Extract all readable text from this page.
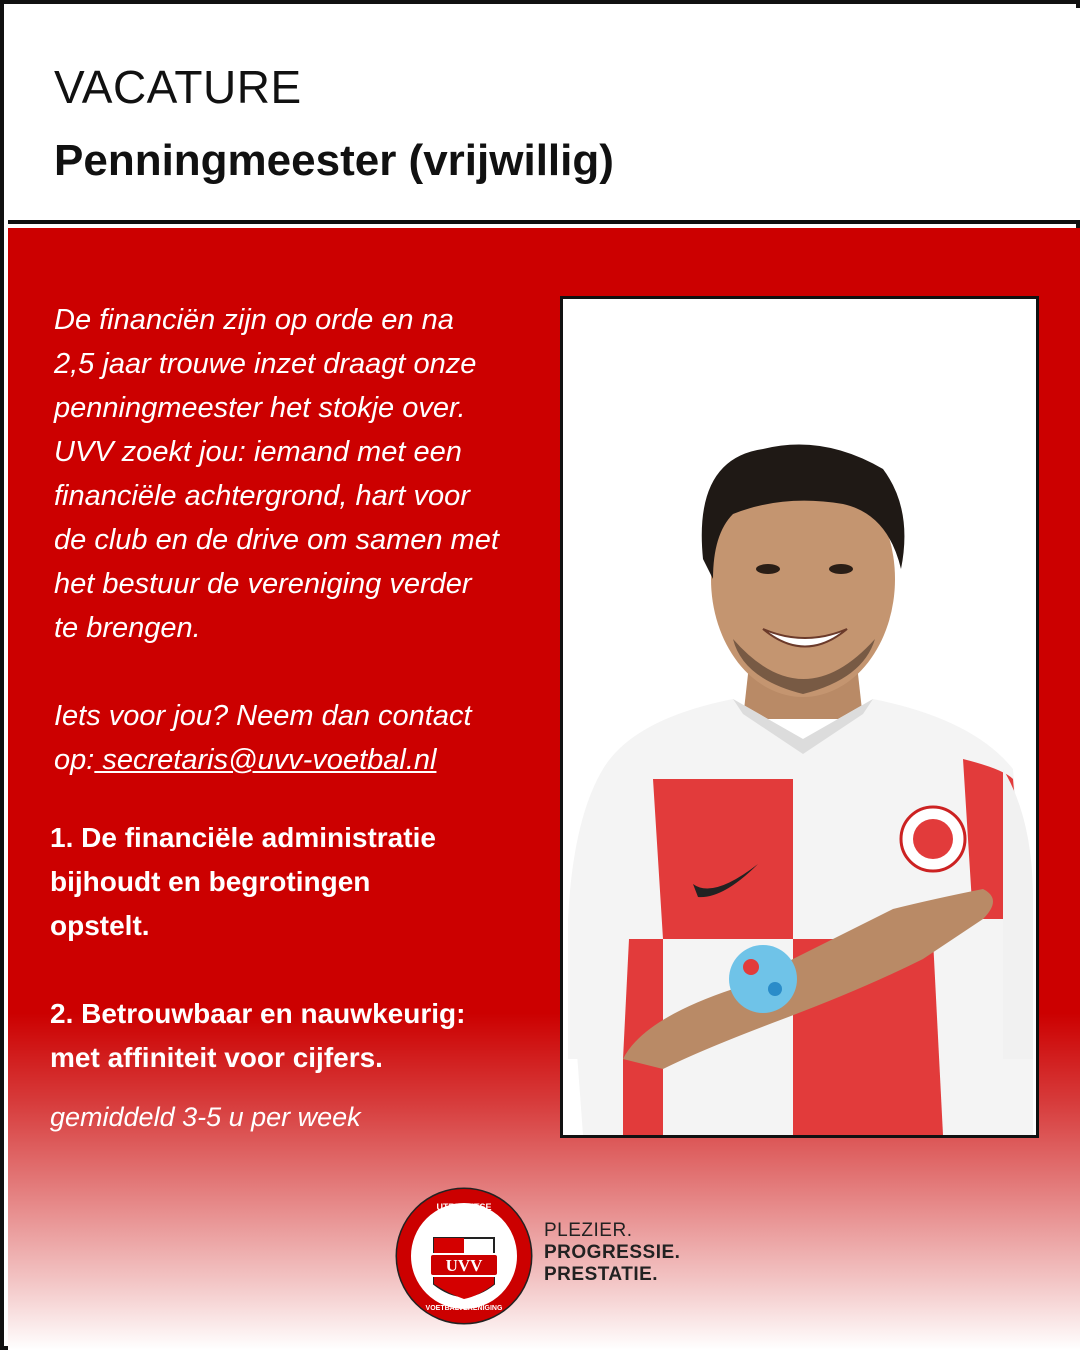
VACATURE
Penningmeester (vrijwillig)
De financiën zijn op orde en na
2,5 jaar trouwe inzet draagt onze
penningmeester het stokje over.
UVV zoekt jou: iemand met een
financiële achtergrond, hart voor
de club en de drive om samen met
het bestuur de vereniging verder
te brengen.
Iets voor jou? Neem dan contact
op: secretaris@uvv-voetbal.nl
1. De financiële administratie
bijhoudt en begrotingen
opstelt.
2. Betrouwbaar en nauwkeurig:
met affiniteit voor cijfers.
gemiddeld 3-5 u per week
UVV
UTRECHTSE
VOETBALVERENIGING
19	02
PLEZIER.
PROGRESSIE.
PRESTATIE.
